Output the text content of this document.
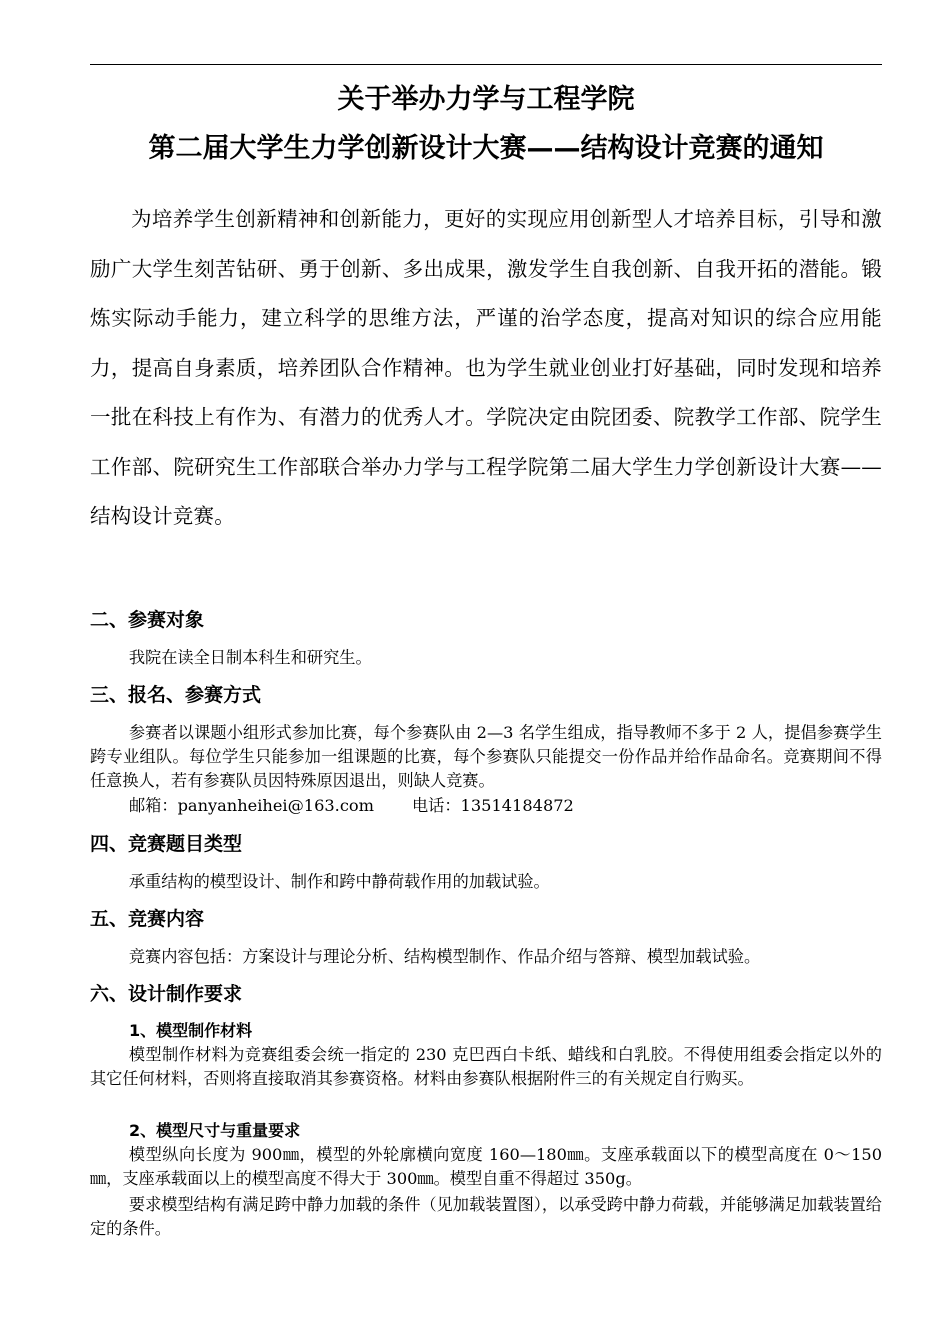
关于举办力学与工程学院
第二届大学生力学创新设计大赛——结构设计竞赛的通知
为培养学生创新精神和创新能力，更好的实现应用创新型人才培养目标，引导和激励广大学生刻苦钻研、勇于创新、多出成果，激发学生自我创新、自我开拓的潜能。锻炼实际动手能力，建立科学的思维方法，严谨的治学态度，提高对知识的综合应用能力，提高自身素质，培养团队合作精神。也为学生就业创业打好基础，同时发现和培养一批在科技上有作为、有潜力的优秀人才。学院决定由院团委、院教学工作部、院学生工作部、院研究生工作部联合举办力学与工程学院第二届大学生力学创新设计大赛——结构设计竞赛。
二、参赛对象
我院在读全日制本科生和研究生。
三、报名、参赛方式
参赛者以课题小组形式参加比赛，每个参赛队由 2—3 名学生组成，指导教师不多于 2 人，提倡参赛学生跨专业组队。每位学生只能参加一组课题的比赛，每个参赛队只能提交一份作品并给作品命名。竞赛期间不得任意换人，若有参赛队员因特殊原因退出，则缺人竞赛。
邮箱：panyanheihei@163.com 电话：13514184872
四、竞赛题目类型
承重结构的模型设计、制作和跨中静荷载作用的加载试验。
五、竞赛内容
竞赛内容包括：方案设计与理论分析、结构模型制作、作品介绍与答辩、模型加载试验。
六、设计制作要求
1、模型制作材料
模型制作材料为竞赛组委会统一指定的 230 克巴西白卡纸、蜡线和白乳胶。不得使用组委会指定以外的其它任何材料，否则将直接取消其参赛资格。材料由参赛队根据附件三的有关规定自行购买。
2、模型尺寸与重量要求
模型纵向长度为 900㎜，模型的外轮廓横向宽度 160—180㎜。支座承载面以下的模型高度在 0～150㎜，支座承载面以上的模型高度不得大于 300㎜。模型自重不得超过 350g。
要求模型结构有满足跨中静力加载的条件（见加载装置图），以承受跨中静力荷载，并能够满足加载装置给定的条件。
